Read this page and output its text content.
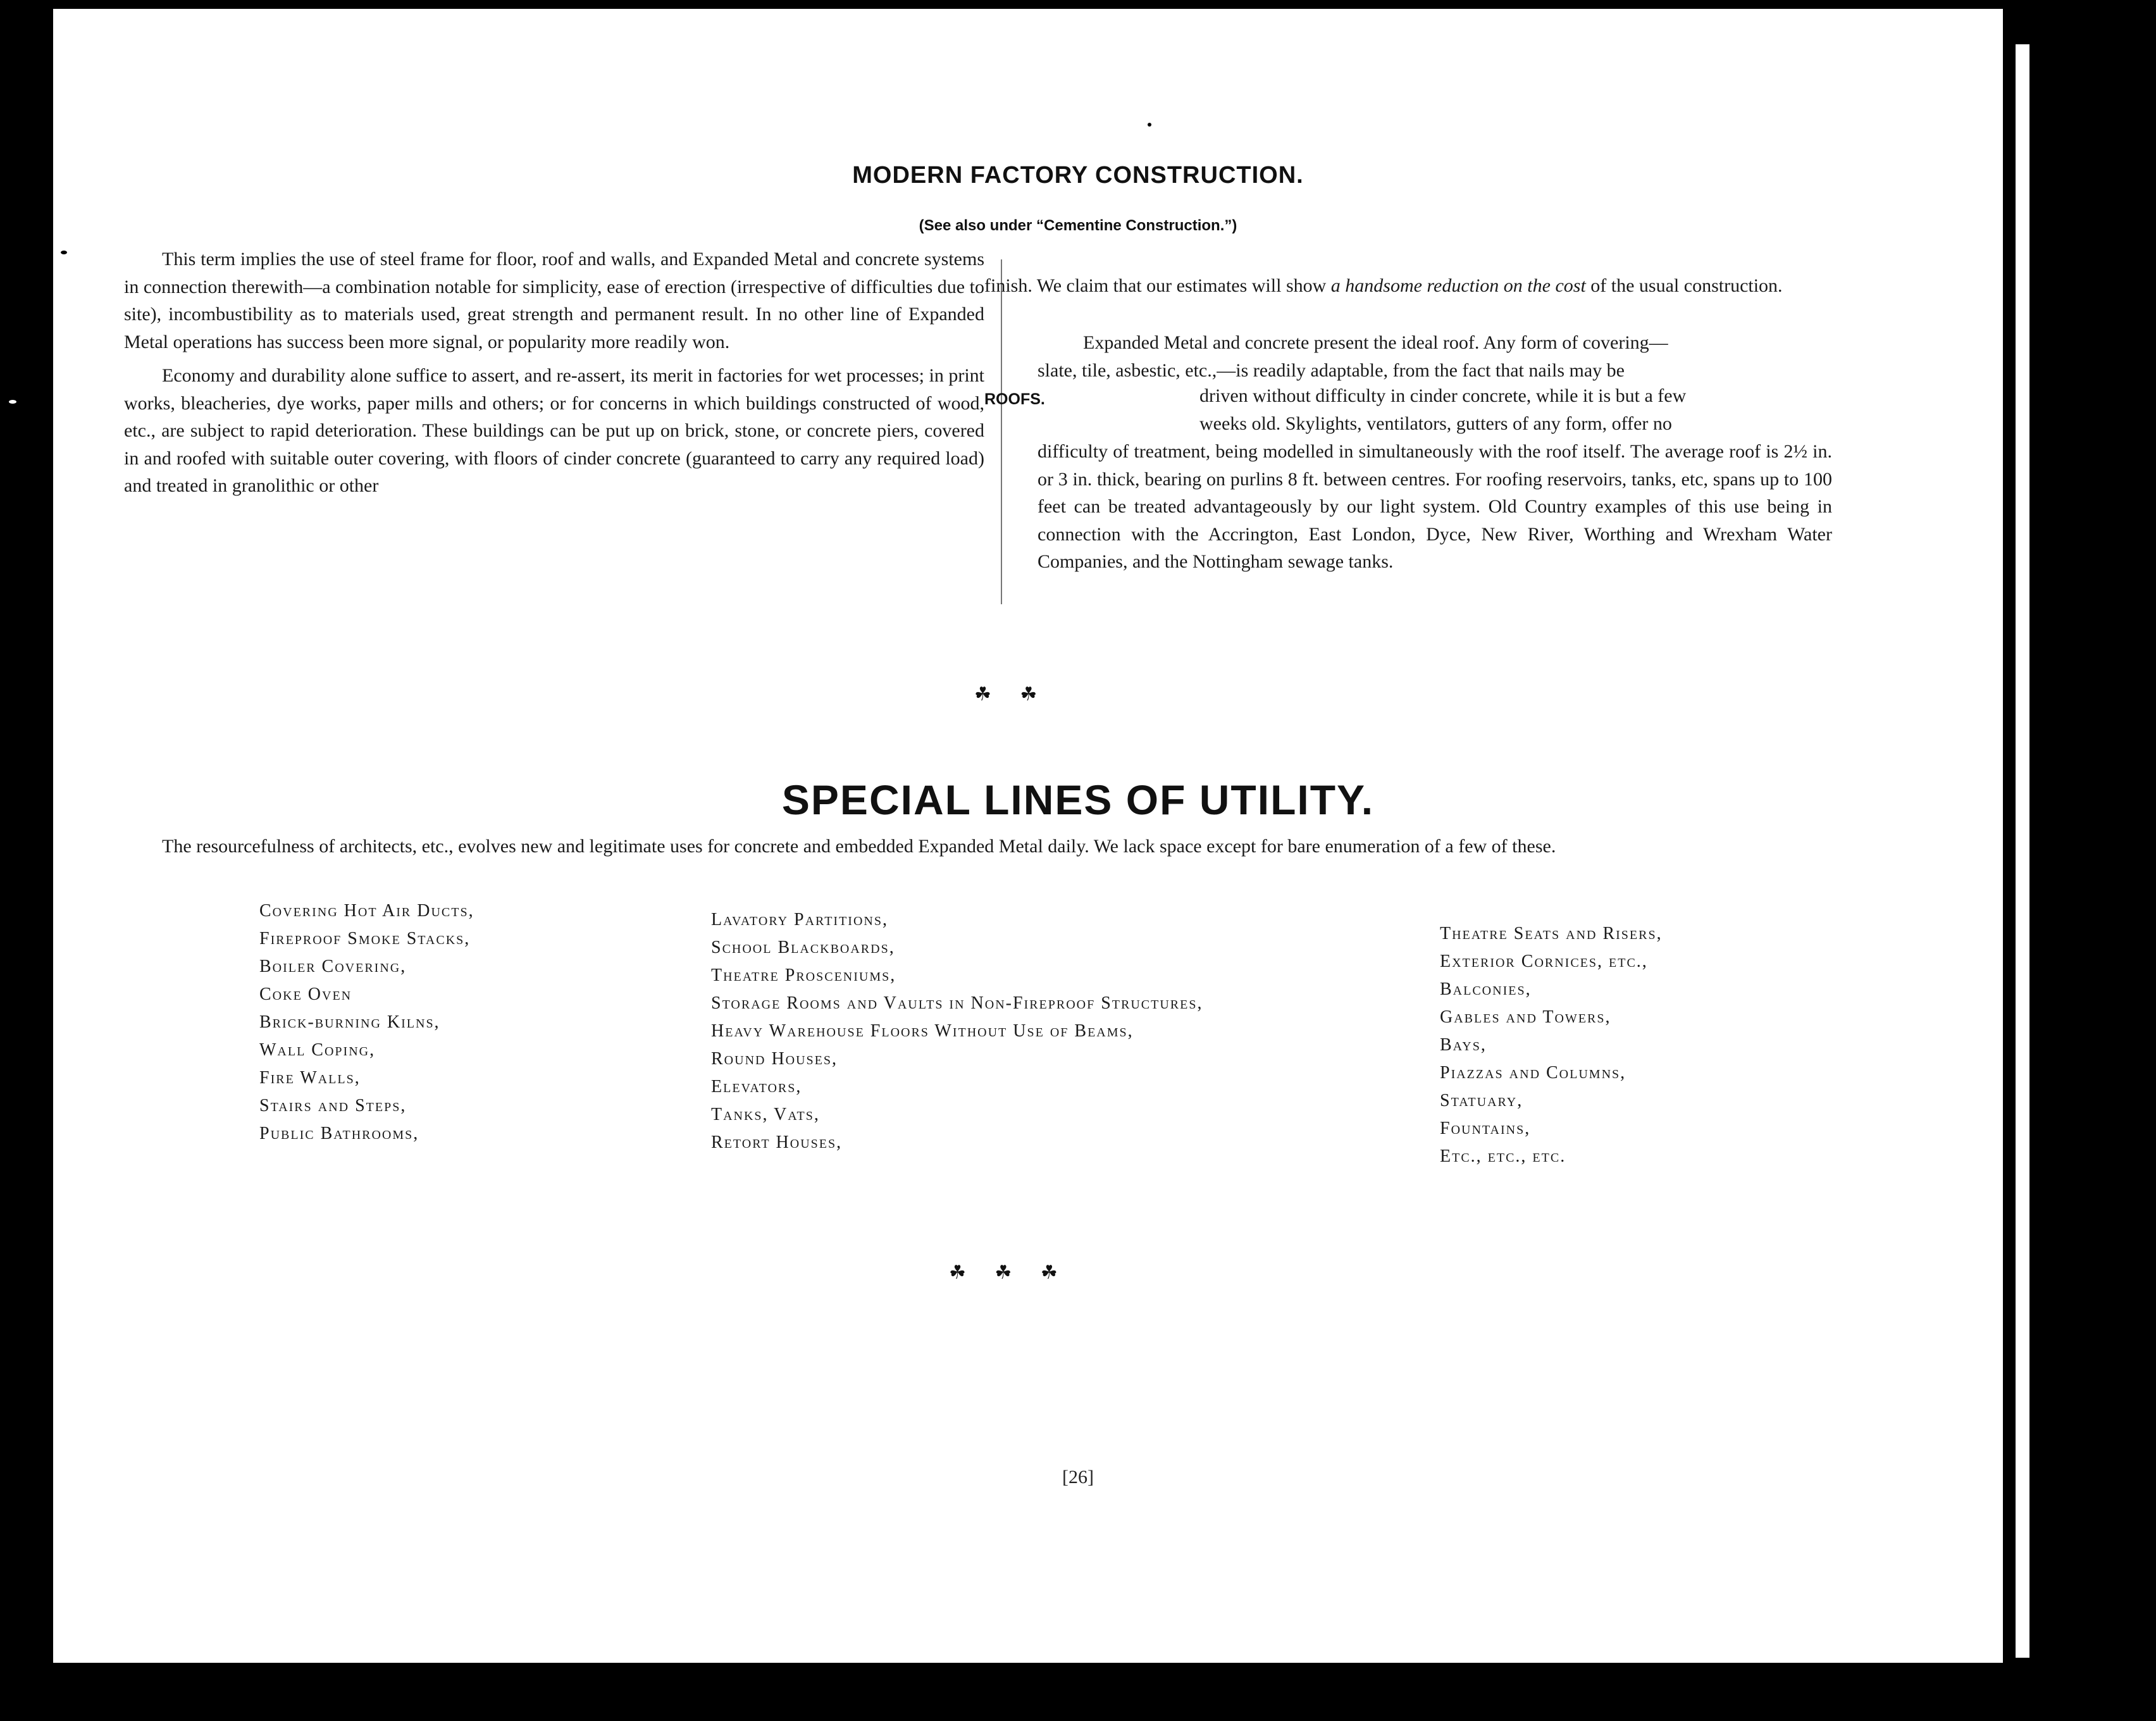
MODERN FACTORY CONSTRUCTION.
(See also under “Cementine Construction.”)

This term implies the use of steel frame for floor, roof and walls, and Expanded Metal and concrete systems in connection therewith—a combination notable for simplicity, ease of erection (irrespective of difficulties due to site), incombustibility as to materials used, great strength and permanent result. In no other line of Expanded Metal operations has success been more signal, or popularity more readily won.

Economy and durability alone suffice to assert, and re-assert, its merit in factories for wet processes; in print works, bleacheries, dye works, paper mills and others; or for concerns in which buildings constructed of wood, etc., are subject to rapid deterioration. These buildings can be put up on brick, stone, or concrete piers, covered in and roofed with suitable outer covering, with floors of cinder concrete (guaranteed to carry any required load) and treated in granolithic or other

finish. We claim that our estimates will show a handsome reduction on the cost of the usual construction.

Expanded Metal and concrete present the ideal roof. Any form of covering—
slate, tile, asbestic, etc.,—is readily adaptable, from the fact that nails may be
ROOFS.	driven without difficulty in cinder concrete, while it is but a few
weeks old. Skylights, ventilators, gutters of any form, offer no
difficulty of treatment, being modelled in simultaneously with the roof itself. The average roof is 2½ in. or 3 in. thick, bearing on purlins 8 ft. between centres. For roofing reservoirs, tanks, etc, spans up to 100 feet can be treated advantageously by our light system. Old Country examples of this use being in connection with the Accrington, East London, Dyce, New River, Worthing and Wrexham Water Companies, and the Nottingham sewage tanks.
☘ ☘
SPECIAL LINES OF UTILITY.
The resourcefulness of architects, etc., evolves new and legitimate uses for concrete and embedded Expanded Metal daily. We lack space except for bare enumeration of a few of these.
Covering Hot Air Ducts,
Fireproof Smoke Stacks,
Boiler Covering,
Coke Oven
Brick-burning Kilns,
Wall Coping,
Fire Walls,
Stairs and Steps,
Public Bathrooms,
Lavatory Partitions,
School Blackboards,
Theatre Prosceniums,
Storage Rooms and Vaults in Non-Fireproof Structures,
Heavy Warehouse Floors Without Use of Beams,
Round Houses,
Elevators,
Tanks, Vats,
Retort Houses,
Theatre Seats and Risers,
Exterior Cornices, etc.,
Balconies,
Gables and Towers,
Bays,
Piazzas and Columns,
Statuary,
Fountains,
Etc., etc., etc.
☘ ☘ ☘
[26]
